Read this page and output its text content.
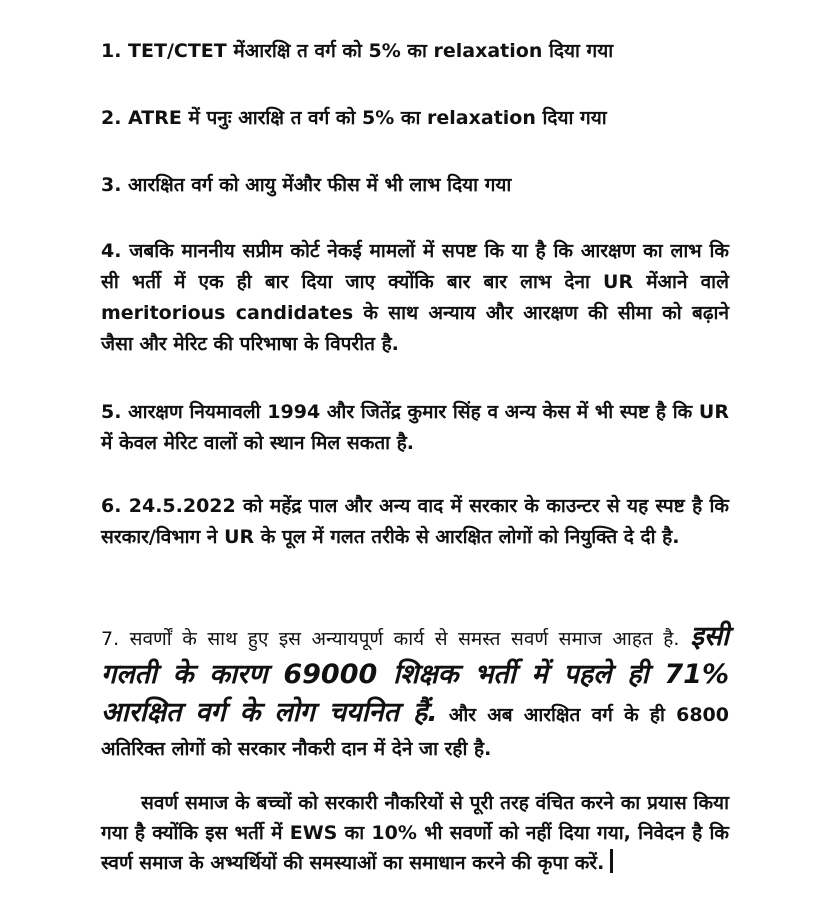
1. TET/CTET मेंआरक्षि त वर्ग को 5% का relaxation दिया गया

2. ATRE में पनुः आरक्षि त वर्ग को 5% का relaxation दिया गया

3. आरक्षित वर्ग को आयु मेंऔर फीस में भी लाभ दिया गया

4. जबकि माननीय सप्रीम कोर्ट नेकई मामलों में सपष्ट कि या है कि आरक्षण का लाभ कि सी भर्ती में एक ही बार दिया जाए क्योंकि बार बार लाभ देना UR मेंआने वाले meritorious candidates के साथ अन्याय और आरक्षण की सीमा को बढ़ाने जैसा और मेरिट की परिभाषा के विपरीत है.

5. आरक्षण नियमावली 1994 और जितेंद्र कुमार सिंह व अन्य केस में भी स्पष्ट है कि UR में केवल मेरिट वालों को स्थान मिल सकता है.

6. 24.5.2022 को महेंद्र पाल और अन्य वाद में सरकार के काउन्टर से यह स्पष्ट है कि सरकार/विभाग ने UR के पूल में गलत तरीके से आरक्षित लोगों को नियुक्ति दे दी है.

7. सवर्णों के साथ हुए इस अन्यायपूर्ण कार्य से समस्त सवर्ण समाज आहत है. इसी गलती के कारण 69000 शिक्षक भर्ती में पहले ही 71% आरक्षित वर्ग के लोग चयनित हैं. और अब आरक्षित वर्ग के ही 6800 अतिरिक्त लोगों को सरकार नौकरी दान में देने जा रही है.

सवर्ण समाज के बच्चों को सरकारी नौकरियों से पूरी तरह वंचित करने का प्रयास किया गया है क्योंकि इस भर्ती में EWS का 10% भी सवर्णो को नहीं दिया गया, निवेदन है कि स्वर्ण समाज के अभ्यर्थियों की समस्याओं का समाधान करने की कृपा करें.
